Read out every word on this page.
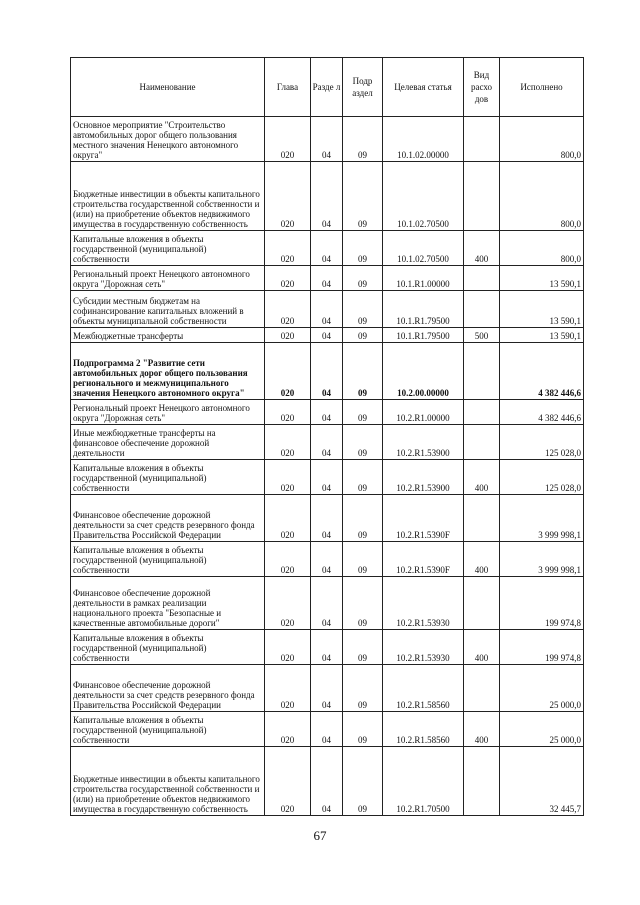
Наименование	Глава	Разде л	Подр аздел	Целевая статья	Вид расхо дов	Исполнено
Основное мероприятие "Строительство автомобильных дорог общего пользования местного значения Ненецкого автономного округа"	020	04	09	10.1.02.00000		800,0
Бюджетные инвестиции в объекты капитального строительства государственной собственности и (или) на приобретение объектов недвижимого имущества в государственную собственность	020	04	09	10.1.02.70500		800,0
Капитальные вложения в объекты государственной (муниципальной) собственности	020	04	09	10.1.02.70500	400	800,0
Региональный проект Ненецкого автономного округа "Дорожная сеть"	020	04	09	10.1.R1.00000		13 590,1
Субсидии местным бюджетам на софинансирование капитальных вложений в объекты муниципальной собственности	020	04	09	10.1.R1.79500		13 590,1
Межбюджетные трансферты	020	04	09	10.1.R1.79500	500	13 590,1
Подпрограмма 2 "Развитие сети автомобильных дорог общего пользования регионального и межмуниципального значения Ненецкого автономного округа"	020	04	09	10.2.00.00000		4 382 446,6
Региональный проект Ненецкого автономного округа "Дорожная сеть"	020	04	09	10.2.R1.00000		4 382 446,6
Иные межбюджетные трансферты на финансовое обеспечение дорожной деятельности	020	04	09	10.2.R1.53900		125 028,0
Капитальные вложения в объекты государственной (муниципальной) собственности	020	04	09	10.2.R1.53900	400	125 028,0
Финансовое обеспечение дорожной деятельности за счет средств резервного фонда Правительства Российской Федерации	020	04	09	10.2.R1.5390F		3 999 998,1
Капитальные вложения в объекты государственной (муниципальной) собственности	020	04	09	10.2.R1.5390F	400	3 999 998,1
Финансовое обеспечение дорожной деятельности в рамках реализации национального проекта "Безопасные и качественные автомобильные дороги"	020	04	09	10.2.R1.53930		199 974,8
Капитальные вложения в объекты государственной (муниципальной) собственности	020	04	09	10.2.R1.53930	400	199 974,8
Финансовое обеспечение дорожной деятельности за счет средств резервного фонда Правительства Российской Федерации	020	04	09	10.2.R1.58560		25 000,0
Капитальные вложения в объекты государственной (муниципальной) собственности	020	04	09	10.2.R1.58560	400	25 000,0
Бюджетные инвестиции в объекты капитального строительства государственной собственности и (или) на приобретение объектов недвижимого имущества в государственную собственность	020	04	09	10.2.R1.70500		32 445,7
67
